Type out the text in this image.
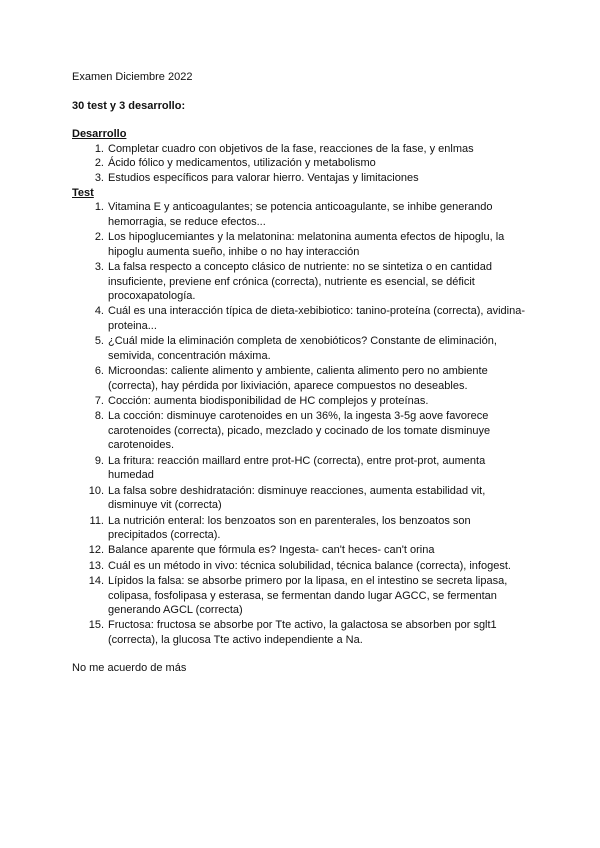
Examen Diciembre 2022
30 test y 3 desarrollo:
Desarrollo
1. Completar cuadro con objetivos de la fase, reacciones de la fase, y enlmas
2. Ácido fólico y medicamentos, utilización y metabolismo
3. Estudios específicos para valorar hierro. Ventajas y limitaciones
Test
1. Vitamina E y anticoagulantes; se potencia anticoagulante, se inhibe generando hemorragia, se reduce efectos...
2. Los hipoglucemiantes y la melatonina: melatonina aumenta efectos de hipoglu, la hipoglu aumenta sueño, inhibe o no hay interacción
3. La falsa respecto a concepto clásico de nutriente: no se sintetiza o en cantidad insuficiente, previene enf crónica (correcta), nutriente es esencial, se déficit procoxapatología.
4. Cuál es una interacción típica de dieta-xebibiotico: tanino-proteína (correcta), avidina-proteina...
5. ¿Cuál mide la eliminación completa de xenobióticos? Constante de eliminación, semivida, concentración máxima.
6. Microondas: caliente alimento y ambiente, calienta alimento pero no ambiente (correcta), hay pérdida por lixiviación, aparece compuestos no deseables.
7. Cocción: aumenta biodisponibilidad de HC complejos y proteínas.
8. La cocción: disminuye carotenoides en un 36%, la ingesta 3-5g aove favorece carotenoides (correcta), picado, mezclado y cocinado de los tomate disminuye carotenoides.
9. La fritura: reacción maillard entre prot-HC (correcta), entre prot-prot, aumenta humedad
10. La falsa sobre deshidratación: disminuye reacciones, aumenta estabilidad vit, disminuye vit (correcta)
11. La nutrición enteral: los benzoatos son en parenterales, los benzoatos son precipitados (correcta).
12. Balance aparente que fórmula es? Ingesta- can't heces- can't orina
13. Cuál es un método in vivo: técnica solubilidad, técnica balance (correcta), infogest.
14. Lípidos la falsa: se absorbe primero por la lipasa, en el intestino se secreta lipasa, colipasa, fosfolipasa y esterasa, se fermentan dando lugar AGCC, se fermentan generando AGCL (correcta)
15. Fructosa: fructosa se absorbe por Tte activo, la galactosa se absorben por sglt1 (correcta), la glucosa Tte activo independiente a Na.
No me acuerdo de más
